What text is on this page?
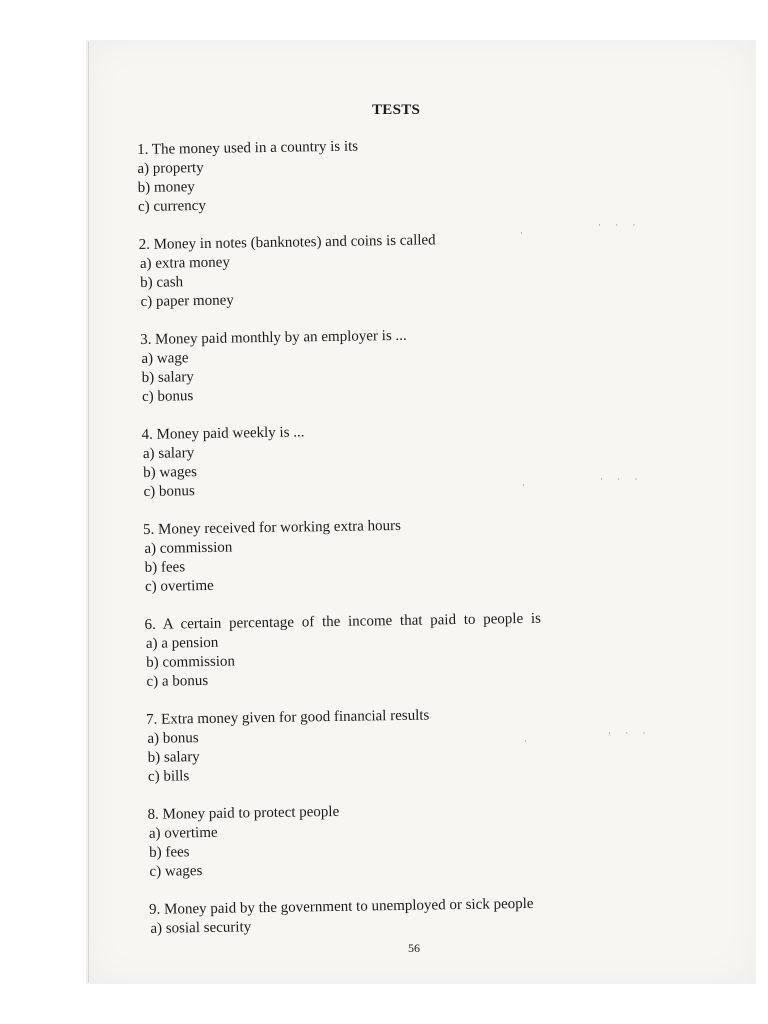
TESTS
1. The money used in a country is its
a) property
b) money
c) currency
2. Money in notes (banknotes) and coins is called
a) extra money
b) cash
c) paper money
3. Money paid monthly by an employer is ...
a) wage
b) salary
c) bonus
4. Money paid weekly is ...
a) salary
b) wages
c) bonus
5. Money received for working extra hours
a) commission
b) fees
c) overtime
6. A certain percentage of the income that paid to people is
a) a pension
b) commission
c) a bonus
7. Extra money given for good financial results
a) bonus
b) salary
c) bills
8. Money paid to protect people
a) overtime
b) fees
c) wages
9. Money paid by the government to unemployed or sick people
a) sosial security
56
·
· · ·
·
· · ·
·
· · ·
